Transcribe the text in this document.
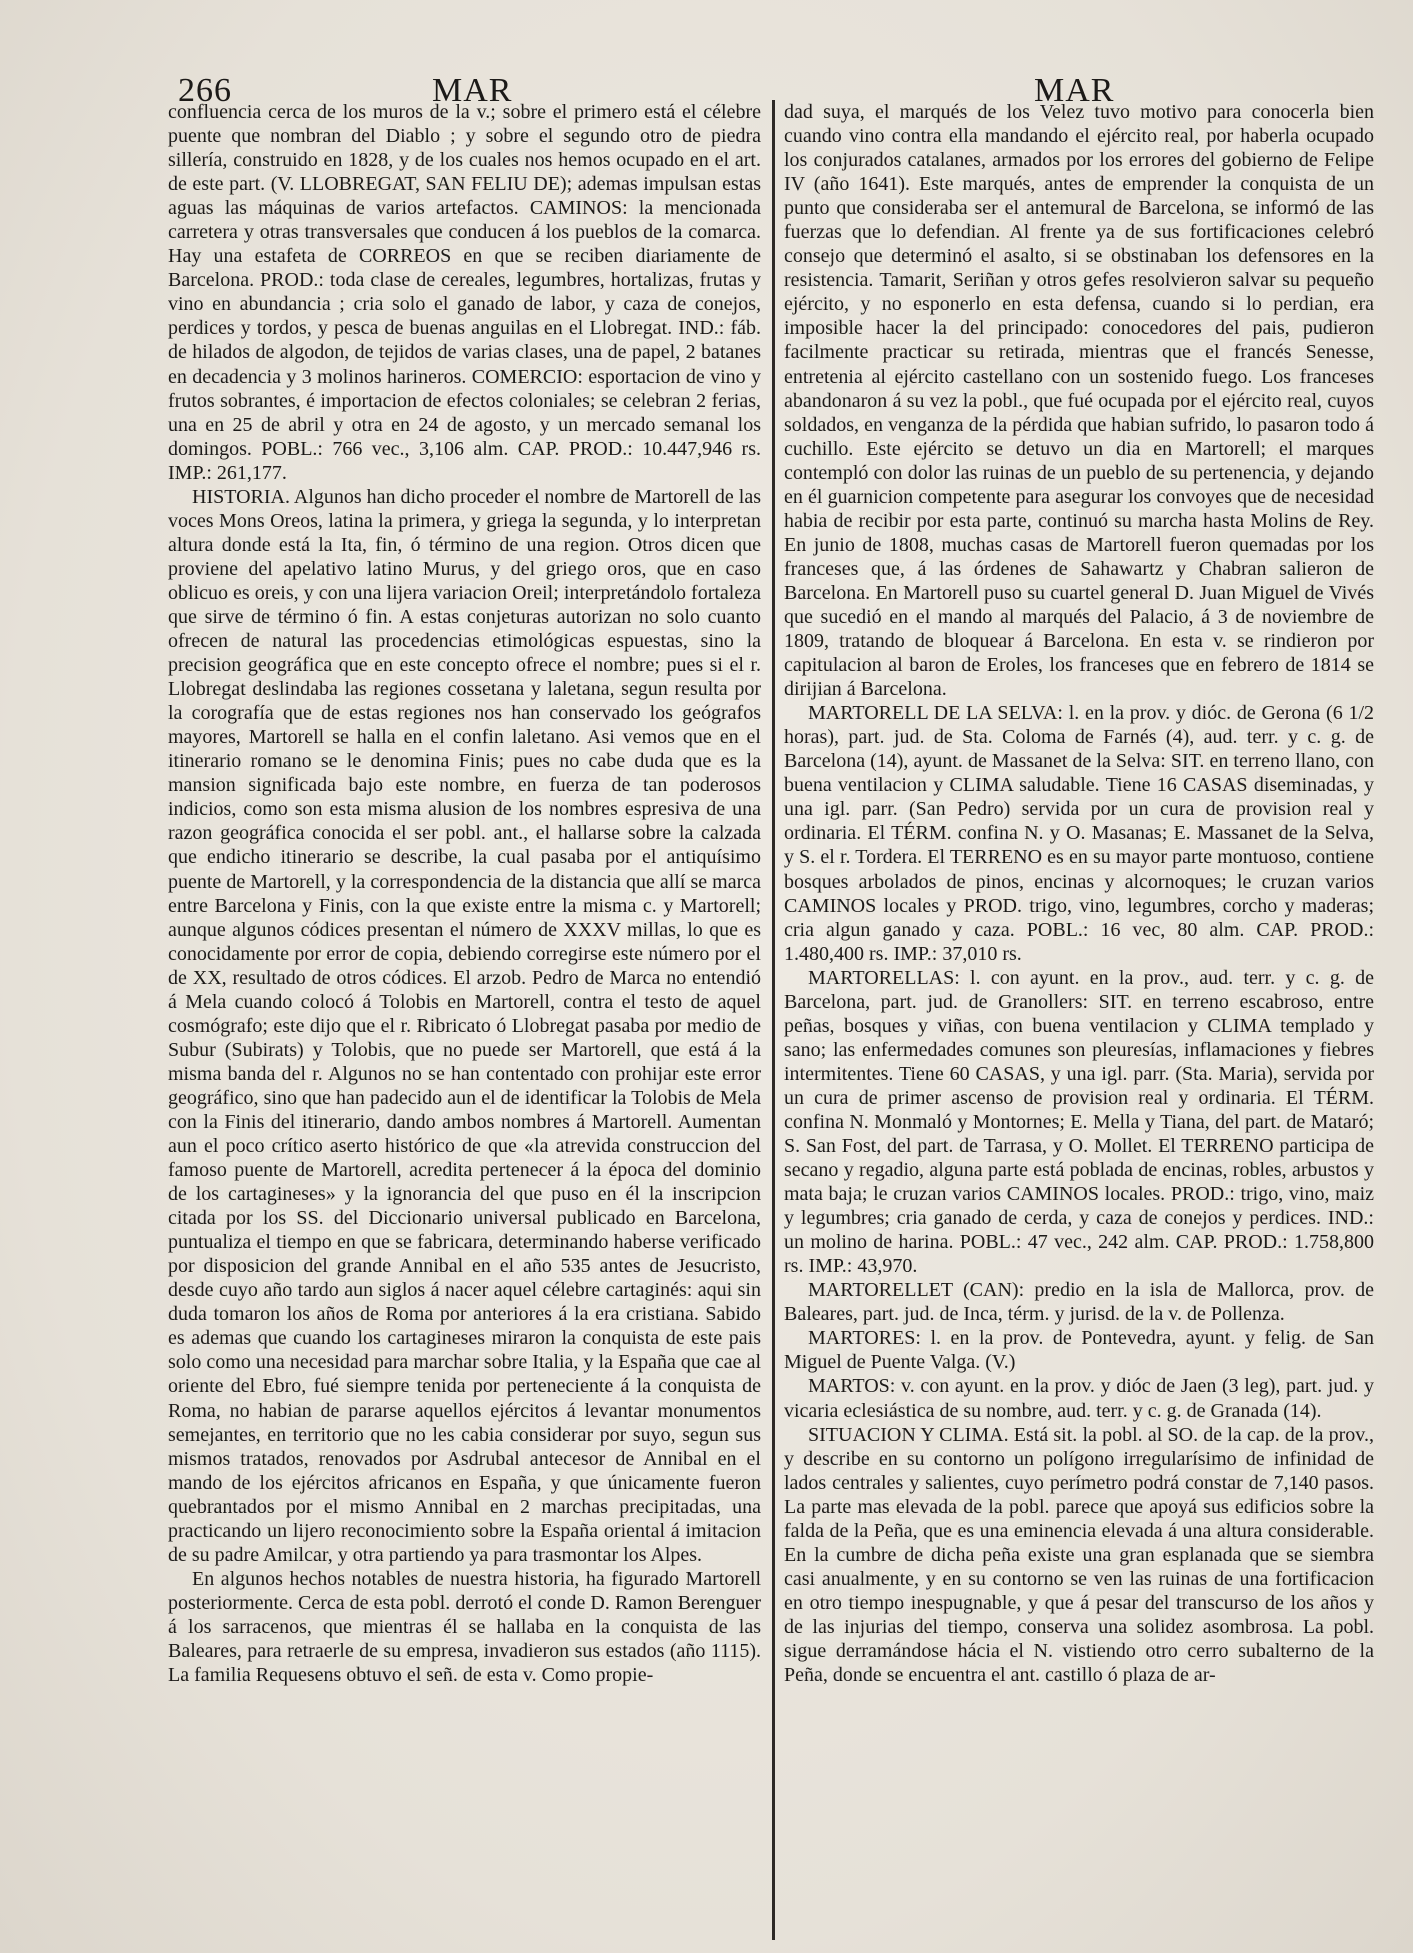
266	MAR	MAR

confluencia cerca de los muros de la v.; sobre el primero está el célebre puente que nombran del Diablo ; y sobre el segundo otro de piedra sillería, construido en 1828, y de los cuales nos hemos ocupado en el art. de este part. (V. LLOBREGAT, SAN FELIU DE); ademas impulsan estas aguas las máquinas de varios artefactos. CAMINOS: la mencionada carretera y otras transversales que conducen á los pueblos de la comarca. Hay una estafeta de CORREOS en que se reciben diariamente de Barcelona. PROD.: toda clase de cereales, legumbres, hortalizas, frutas y vino en abundancia ; cria solo el ganado de labor, y caza de conejos, perdices y tordos, y pesca de buenas anguilas en el Llobregat. IND.: fáb. de hilados de algodon, de tejidos de varias clases, una de papel, 2 batanes en decadencia y 3 molinos harineros. COMERCIO: esportacion de vino y frutos sobrantes, é importacion de efectos coloniales; se celebran 2 ferias, una en 25 de abril y otra en 24 de agosto, y un mercado semanal los domingos. POBL.: 766 vec., 3,106 alm. CAP. PROD.: 10.447,946 rs. IMP.: 261,177.

HISTORIA. Algunos han dicho proceder el nombre de Martorell de las voces Mons Oreos, latina la primera, y griega la segunda, y lo interpretan altura donde está la Ita, fin, ó término de una region. Otros dicen que proviene del apelativo latino Murus, y del griego oros, que en caso oblicuo es oreis, y con una lijera variacion Oreil; interpretándolo fortaleza que sirve de término ó fin. A estas conjeturas autorizan no solo cuanto ofrecen de natural las procedencias etimológicas espuestas, sino la precision geográfica que en este concepto ofrece el nombre; pues si el r. Llobregat deslindaba las regiones cossetana y laletana, segun resulta por la corografía que de estas regiones nos han conservado los geógrafos mayores, Martorell se halla en el confin laletano. Asi vemos que en el itinerario romano se le denomina Finis; pues no cabe duda que es la mansion significada bajo este nombre, en fuerza de tan poderosos indicios, como son esta misma alusion de los nombres espresiva de una razon geográfica conocida el ser pobl. ant., el hallarse sobre la calzada que endicho itinerario se describe, la cual pasaba por el antiquísimo puente de Martorell, y la correspondencia de la distancia que allí se marca entre Barcelona y Finis, con la que existe entre la misma c. y Martorell; aunque algunos códices presentan el número de XXXV millas, lo que es conocidamente por error de copia, debiendo corregirse este número por el de XX, resultado de otros códices. El arzob. Pedro de Marca no entendió á Mela cuando colocó á Tolobis en Martorell, contra el testo de aquel cosmógrafo; este dijo que el r. Ribricato ó Llobregat pasaba por medio de Subur (Subirats) y Tolobis, que no puede ser Martorell, que está á la misma banda del r. Algunos no se han contentado con prohijar este error geográfico, sino que han padecido aun el de identificar la Tolobis de Mela con la Finis del itinerario, dando ambos nombres á Martorell. Aumentan aun el poco crítico aserto histórico de que «la atrevida construccion del famoso puente de Martorell, acredita pertenecer á la época del dominio de los cartagineses» y la ignorancia del que puso en él la inscripcion citada por los SS. del Diccionario universal publicado en Barcelona, puntualiza el tiempo en que se fabricara, determinando haberse verificado por disposicion del grande Annibal en el año 535 antes de Jesucristo, desde cuyo año tardo aun siglos á nacer aquel célebre cartaginés: aqui sin duda tomaron los años de Roma por anteriores á la era cristiana. Sabido es ademas que cuando los cartagineses miraron la conquista de este pais solo como una necesidad para marchar sobre Italia, y la España que cae al oriente del Ebro, fué siempre tenida por perteneciente á la conquista de Roma, no habian de pararse aquellos ejércitos á levantar monumentos semejantes, en territorio que no les cabia considerar por suyo, segun sus mismos tratados, renovados por Asdrubal antecesor de Annibal en el mando de los ejércitos africanos en España, y que únicamente fueron quebrantados por el mismo Annibal en 2 marchas precipitadas, una practicando un lijero reconocimiento sobre la España oriental á imitacion de su padre Amilcar, y otra partiendo ya para trasmontar los Alpes.

En algunos hechos notables de nuestra historia, ha figurado Martorell posteriormente. Cerca de esta pobl. derrotó el conde D. Ramon Berenguer á los sarracenos, que mientras él se hallaba en la conquista de las Baleares, para retraerle de su empresa, invadieron sus estados (año 1115). La familia Requesens obtuvo el señ. de esta v. Como propie-

dad suya, el marqués de los Velez tuvo motivo para conocerla bien cuando vino contra ella mandando el ejército real, por haberla ocupado los conjurados catalanes, armados por los errores del gobierno de Felipe IV (año 1641). Este marqués, antes de emprender la conquista de un punto que consideraba ser el antemural de Barcelona, se informó de las fuerzas que lo defendian. Al frente ya de sus fortificaciones celebró consejo que determinó el asalto, si se obstinaban los defensores en la resistencia. Tamarit, Seriñan y otros gefes resolvieron salvar su pequeño ejército, y no esponerlo en esta defensa, cuando si lo perdian, era imposible hacer la del principado: conocedores del pais, pudieron facilmente practicar su retirada, mientras que el francés Senesse, entretenia al ejército castellano con un sostenido fuego. Los franceses abandonaron á su vez la pobl., que fué ocupada por el ejército real, cuyos soldados, en venganza de la pérdida que habian sufrido, lo pasaron todo á cuchillo. Este ejército se detuvo un dia en Martorell; el marques contempló con dolor las ruinas de un pueblo de su pertenencia, y dejando en él guarnicion competente para asegurar los convoyes que de necesidad habia de recibir por esta parte, continuó su marcha hasta Molins de Rey. En junio de 1808, muchas casas de Martorell fueron quemadas por los franceses que, á las órdenes de Sahawartz y Chabran salieron de Barcelona. En Martorell puso su cuartel general D. Juan Miguel de Vivés que sucedió en el mando al marqués del Palacio, á 3 de noviembre de 1809, tratando de bloquear á Barcelona. En esta v. se rindieron por capitulacion al baron de Eroles, los franceses que en febrero de 1814 se dirijian á Barcelona.

MARTORELL DE LA SELVA: l. en la prov. y dióc. de Gerona (6 1/2 horas), part. jud. de Sta. Coloma de Farnés (4), aud. terr. y c. g. de Barcelona (14), ayunt. de Massanet de la Selva: SIT. en terreno llano, con buena ventilacion y CLIMA saludable. Tiene 16 CASAS diseminadas, y una igl. parr. (San Pedro) servida por un cura de provision real y ordinaria. El TÉRM. confina N. y O. Masanas; E. Massanet de la Selva, y S. el r. Tordera. El TERRENO es en su mayor parte montuoso, contiene bosques arbolados de pinos, encinas y alcornoques; le cruzan varios CAMINOS locales y PROD. trigo, vino, legumbres, corcho y maderas; cria algun ganado y caza. POBL.: 16 vec, 80 alm. CAP. PROD.: 1.480,400 rs. IMP.: 37,010 rs.

MARTORELLAS: l. con ayunt. en la prov., aud. terr. y c. g. de Barcelona, part. jud. de Granollers: SIT. en terreno escabroso, entre peñas, bosques y viñas, con buena ventilacion y CLIMA templado y sano; las enfermedades comunes son pleuresías, inflamaciones y fiebres intermitentes. Tiene 60 CASAS, y una igl. parr. (Sta. Maria), servida por un cura de primer ascenso de provision real y ordinaria. El TÉRM. confina N. Monmaló y Montornes; E. Mella y Tiana, del part. de Mataró; S. San Fost, del part. de Tarrasa, y O. Mollet. El TERRENO participa de secano y regadio, alguna parte está poblada de encinas, robles, arbustos y mata baja; le cruzan varios CAMINOS locales. PROD.: trigo, vino, maiz y legumbres; cria ganado de cerda, y caza de conejos y perdices. IND.: un molino de harina. POBL.: 47 vec., 242 alm. CAP. PROD.: 1.758,800 rs. IMP.: 43,970.

MARTORELLET (CAN): predio en la isla de Mallorca, prov. de Baleares, part. jud. de Inca, térm. y jurisd. de la v. de Pollenza.

MARTORES: l. en la prov. de Pontevedra, ayunt. y felig. de San Miguel de Puente Valga. (V.)

MARTOS: v. con ayunt. en la prov. y dióc de Jaen (3 leg), part. jud. y vicaria eclesiástica de su nombre, aud. terr. y c. g. de Granada (14).

SITUACION Y CLIMA. Está sit. la pobl. al SO. de la cap. de la prov., y describe en su contorno un polígono irregularísimo de infinidad de lados centrales y salientes, cuyo perímetro podrá constar de 7,140 pasos. La parte mas elevada de la pobl. parece que apoyá sus edificios sobre la falda de la Peña, que es una eminencia elevada á una altura considerable. En la cumbre de dicha peña existe una gran esplanada que se siembra casi anualmente, y en su contorno se ven las ruinas de una fortificacion en otro tiempo inespugnable, y que á pesar del transcurso de los años y de las injurias del tiempo, conserva una solidez asombrosa. La pobl. sigue derramándose hácia el N. vistiendo otro cerro subalterno de la Peña, donde se encuentra el ant. castillo ó plaza de ar-
